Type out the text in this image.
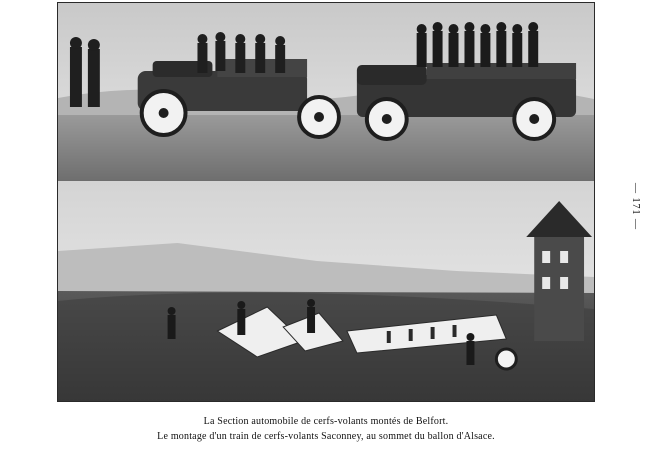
La Section automobile de cerfs-volants montés de Belfort.
Le montage d'un train de cerfs-volants Saconney, au sommet du ballon d'Alsace.
— 171 —
